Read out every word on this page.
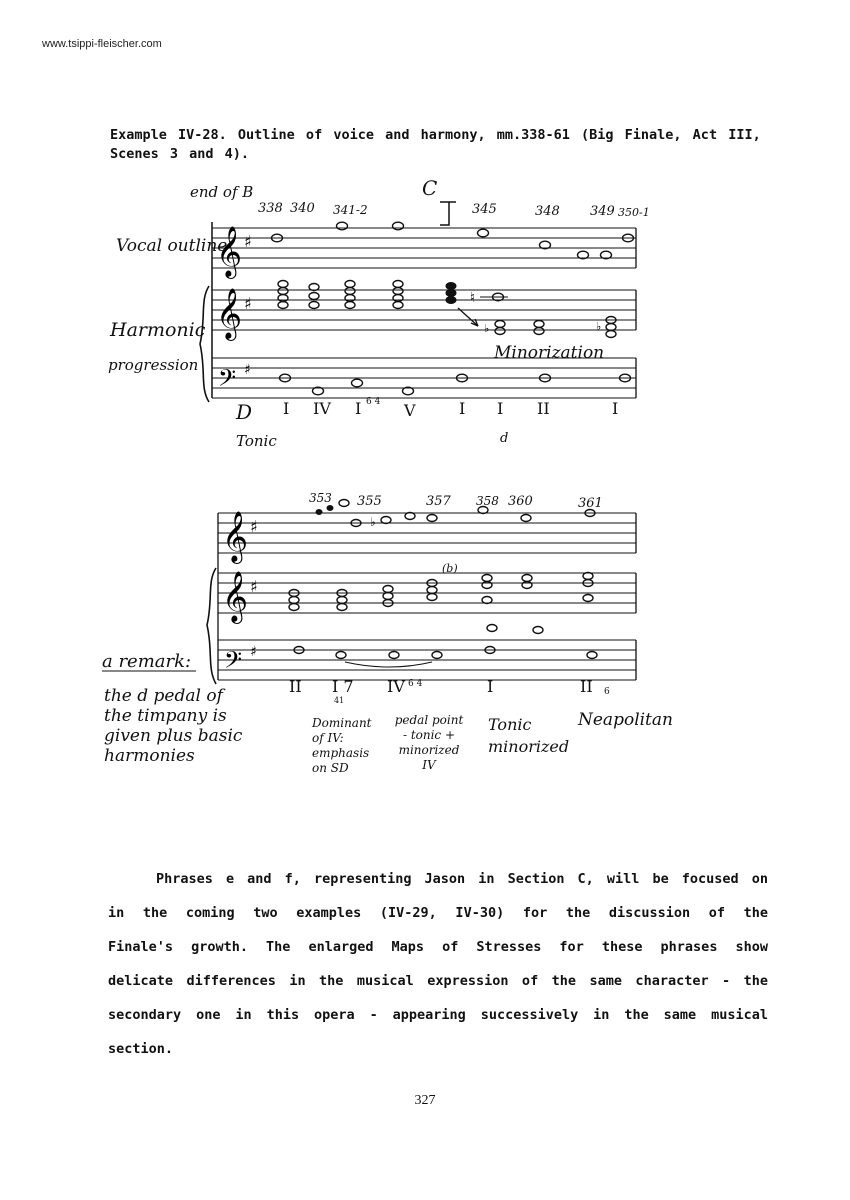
www.tsippi-fleischer.com
Example IV-28. Outline of voice and harmony, mm.338-61 (Big Finale, Act III, Scenes 3 and 4).
end of B	C
338 340 341-2	345	348 349 350-1
𝄞 ♯
𝄞 ♯	♮
♭	♭
Minorization
𝄢 ♯
Vocal outline
Harmonic
progression
D I IV I 6 4 V	I I
d
II	I
Tonic
353 355	357 358 360	361
𝄞 ♯	♭
𝄞 ♯
(b)
𝄢 ♯
II I 7
41
IV 6 4	I	II 6
a remark:
the d pedal of the timpany is given plus basic harmonies
Dominant of IV: emphasis on SD
pedal point - tonic + minorized IV
Tonic minorized
Neapolitan

Phrases e and f, representing Jason in Section C, will be focused on in the coming two examples (IV-29, IV-30) for the discussion of the Finale's growth. The enlarged Maps of Stresses for these phrases show delicate differences in the musical expression of the same character - the secondary one in this opera - appearing successively in the same musical section.

327
